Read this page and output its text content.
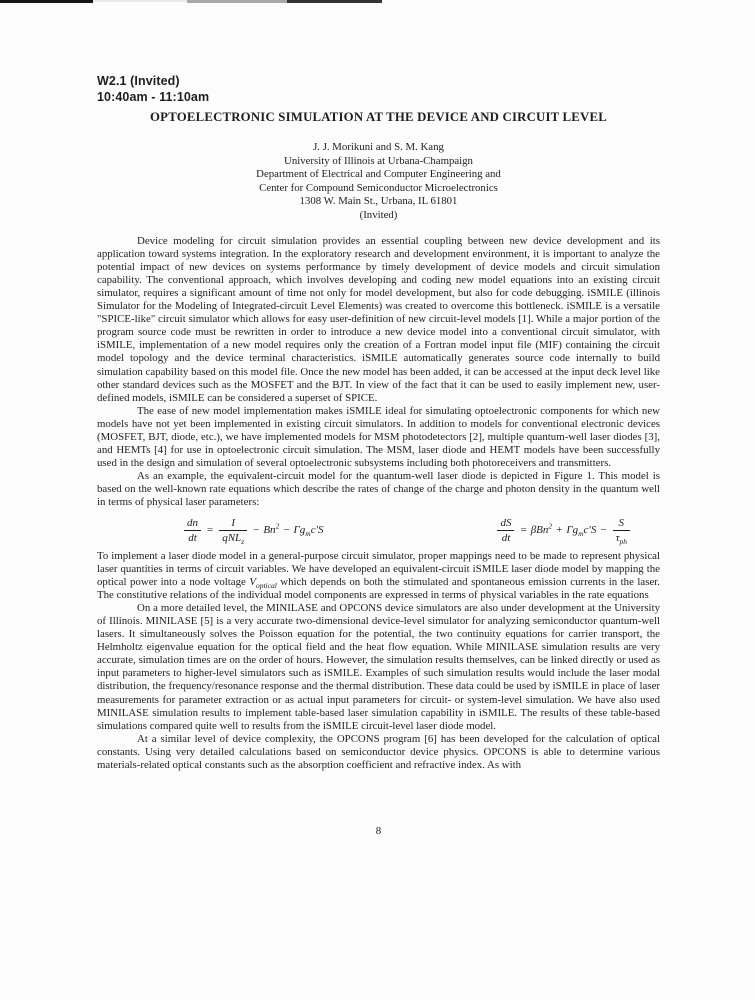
W2.1 (Invited)
10:40am - 11:10am
OPTOELECTRONIC SIMULATION AT THE DEVICE AND CIRCUIT LEVEL
J. J. Morikuni and S. M. Kang
University of Illinois at Urbana-Champaign
Department of Electrical and Computer Engineering and
Center for Compound Semiconductor Microelectronics
1308 W. Main St., Urbana, IL 61801
(Invited)

Device modeling for circuit simulation provides an essential coupling between new device development and its application toward systems integration. In the exploratory research and development environment, it is important to analyze the potential impact of new devices on systems performance by timely development of device models and circuit simulation capability. The conventional approach, which involves developing and coding new model equations into an existing circuit simulator, requires a significant amount of time not only for model development, but also for code debugging. iSMILE (illinois Simulator for the Modeling of Integrated-circuit Level Elements) was created to overcome this bottleneck. iSMILE is a versatile "SPICE-like" circuit simulator which allows for easy user-definition of new circuit-level models [1]. While a major portion of the program source code must be rewritten in order to introduce a new device model into a conventional circuit simulator, with iSMILE, implementation of a new model requires only the creation of a Fortran model input file (MIF) containing the circuit model topology and the device terminal characteristics. iSMILE automatically generates source code internally to build simulation capability based on this model file. Once the new model has been added, it can be accessed at the input deck level like other standard devices such as the MOSFET and the BJT. In view of the fact that it can be used to easily implement new, user-defined models, iSMILE can be considered a superset of SPICE.

The ease of new model implementation makes iSMILE ideal for simulating optoelectronic components for which new models have not yet been implemented in existing circuit simulators. In addition to models for conventional electronic devices (MOSFET, BJT, diode, etc.), we have implemented models for MSM photodetectors [2], multiple quantum-well laser diodes [3], and HEMTs [4] for use in optoelectronic circuit simulation. The MSM, laser diode and HEMT models have been successfully used in the design and simulation of several optoelectronic subsystems including both photoreceivers and transmitters.

As an example, the equivalent-circuit model for the quantum-well laser diode is depicted in Figure 1. This model is based on the well-known rate equations which describe the rates of change of the charge and photon density in the quantum well in terms of physical laser parameters:

$\frac{dn}{dt} = \frac{I}{qNL_z} - Bn^2 - \Gamma g_mc'S$	$\frac{dS}{dt} = \beta Bn^2 + \Gamma g_mc'S - \frac{S}{\tau_{ph}}$

To implement a laser diode model in a general-purpose circuit simulator, proper mappings need to be made to represent physical laser quantities in terms of circuit variables. We have developed an equivalent-circuit iSMILE laser diode model by mapping the optical power into a node voltage $V_{optical}$ which depends on both the stimulated and spontaneous emission currents in the laser. The constitutive relations of the individual model components are expressed in terms of physical variables in the rate equations

On a more detailed level, the MINILASE and OPCONS device simulators are also under development at the University of Illinois. MINILASE [5] is a very accurate two-dimensional device-level simulator for analyzing semiconductor quantum-well lasers. It simultaneously solves the Poisson equation for the potential, the two continuity equations for carrier transport, the Helmholtz eigenvalue equation for the optical field and the heat flow equation. While MINILASE simulation results are very accurate, simulation times are on the order of hours. However, the simulation results themselves, can be linked directly or used as input parameters to higher-level simulators such as iSMILE. Examples of such simulation results would include the laser modal distribution, the frequency/resonance response and the thermal distribution. These data could be used by iSMILE in place of laser measurements for parameter extraction or as actual input parameters for circuit- or system-level simulation. We have also used MINILASE simulation results to implement table-based laser simulation capability in iSMILE. The results of these table-based simulations compared quite well to results from the iSMILE circuit-level laser diode model.

At a similar level of device complexity, the OPCONS program [6] has been developed for the calculation of optical constants. Using very detailed calculations based on semiconductor device physics. OPCONS is able to determine various materials-related optical constants such as the absorption coefficient and refractive index. As with

8
